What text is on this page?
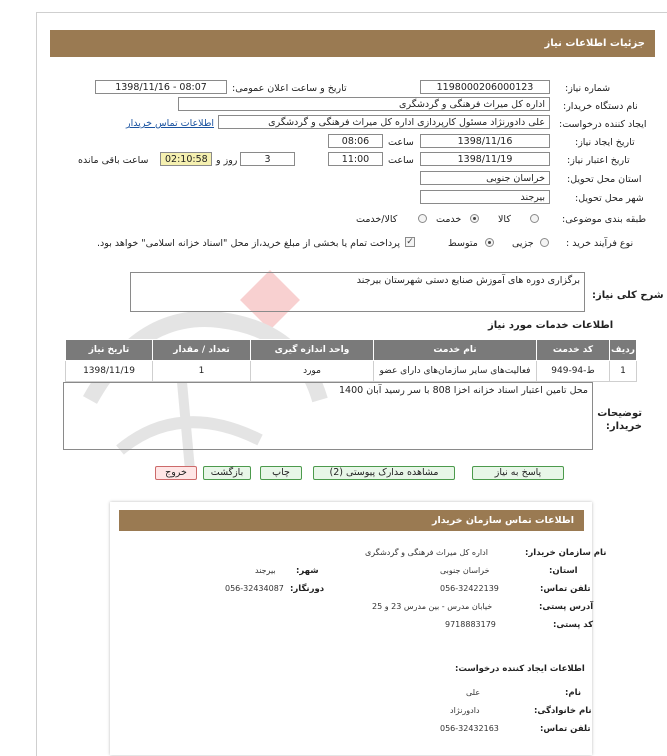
جزئیات اطلاعات نیاز
شماره نیاز:
1198000206000123
تاریخ و ساعت اعلان عمومی:
1398/11/16 - 08:07
نام دستگاه خریدار:
اداره کل میراث فرهنگی و گردشگری
ایجاد کننده درخواست:
علی دادورنژاد مسئول کارپردازی اداره کل میراث فرهنگی و گردشگری
اطلاعات تماس خریدار
تاریخ ایجاد نیاز:
1398/11/16
ساعت
08:06
تاریخ اعتبار نیاز:
1398/11/19
ساعت
11:00
3
روز و
02:10:58
ساعت باقی مانده
استان محل تحویل:
خراسان جنوبی
شهر محل تحویل:
بیرجند
طبقه بندی موضوعی:
کالا
خدمت
کالا/خدمت
نوع فرآیند خرید :
جزیی
متوسط
✓
پرداخت تمام یا بخشی از مبلغ خرید،از محل "اسناد خزانه اسلامی" خواهد بود.
شرح کلی نیاز:
برگزاری دوره های آموزش صنایع دستی شهرستان بیرجند
اطلاعات خدمات مورد نیاز
ردیف	کد خدمت	نام خدمت	واحد اندازه گیری	تعداد / مقدار	تاریخ نیاز
1	ط-94-949	فعالیت‌های سایر سازمان‌های دارای عضو	مورد	1	1398/11/19
توضیحات خریدار:
محل تامین اعتبار اسناد خزانه اخزا 808 با سر رسید آبان 1400
پاسخ به نیاز
مشاهده مدارک پیوستی (2)
چاپ
بازگشت
خروج
اطلاعات تماس سازمان خریدار
نام سازمان خریدار:
اداره کل میراث فرهنگی و گردشگری
استان:
خراسان جنوبی
شهر:
بیرجند
تلفن تماس:
056-32422139
دورنگار:
056-32434087
آدرس پستی:
خیابان مدرس - بین مدرس 23 و 25
کد پستی:
9718883179
اطلاعات ایجاد کننده درخواست:
نام:
علی
نام خانوادگی:
دادورنژاد
تلفن تماس:
056-32432163
